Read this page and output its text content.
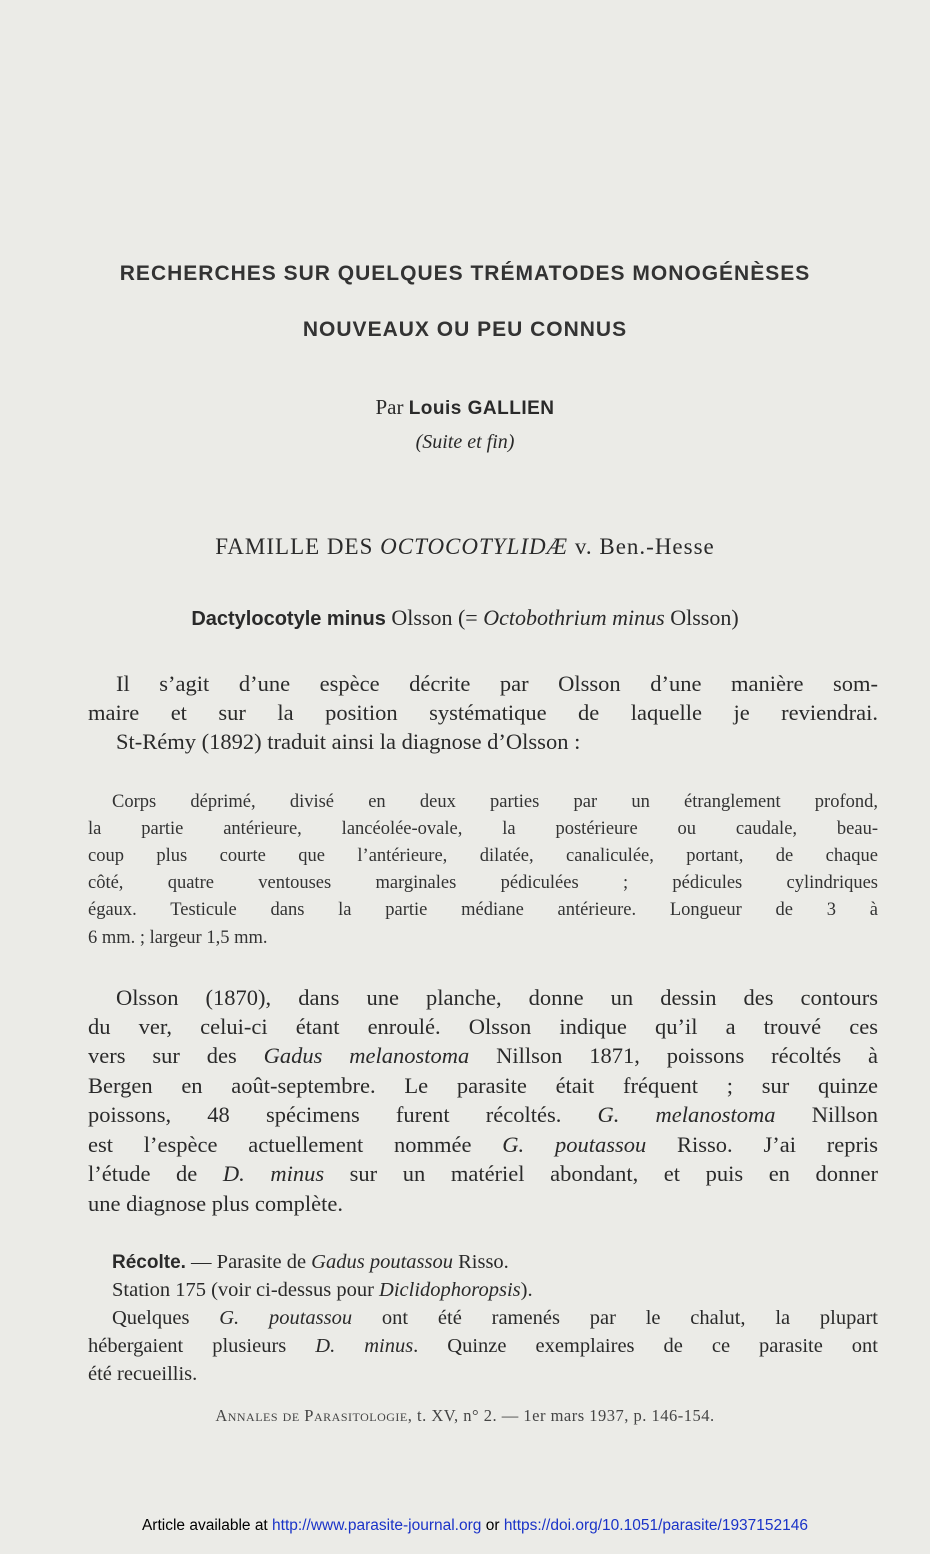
RECHERCHES SUR QUELQUES TRÉMATODES MONOGÉNÈSES
NOUVEAUX OU PEU CONNUS
Par Louis GALLIEN
(Suite et fin)
FAMILLE DES OCTOCOTYLIDÆ v. Ben.-Hesse
Dactylocotyle minus Olsson (= Octobothrium minus Olsson)
Il s’agit d’une espèce décrite par Olsson d’une manière som-
maire et sur la position systématique de laquelle je reviendrai.
St-Rémy (1892) traduit ainsi la diagnose d’Olsson :
Corps déprimé, divisé en deux parties par un étranglement profond,
la partie antérieure, lancéolée-ovale, la postérieure ou caudale, beau-
coup plus courte que l’antérieure, dilatée, canaliculée, portant, de chaque
côté, quatre ventouses marginales pédiculées ; pédicules cylindriques
égaux. Testicule dans la partie médiane antérieure. Longueur de 3 à
6 mm. ; largeur 1,5 mm.
Olsson (1870), dans une planche, donne un dessin des contours
du ver, celui-ci étant enroulé. Olsson indique qu’il a trouvé ces
vers sur des Gadus melanostoma Nillson 1871, poissons récoltés à
Bergen en août-septembre. Le parasite était fréquent ; sur quinze
poissons, 48 spécimens furent récoltés. G. melanostoma Nillson
est l’espèce actuellement nommée G. poutassou Risso. J’ai repris
l’étude de D. minus sur un matériel abondant, et puis en donner
une diagnose plus complète.
Récolte. — Parasite de Gadus poutassou Risso.
Station 175 (voir ci-dessus pour Diclidophoropsis).
Quelques G. poutassou ont été ramenés par le chalut, la plupart
hébergaient plusieurs D. minus. Quinze exemplaires de ce parasite ont
été recueillis.
Annales de Parasitologie, t. XV, n° 2. — 1er mars 1937, p. 146-154.
Article available at http://www.parasite-journal.org or https://doi.org/10.1051/parasite/1937152146
